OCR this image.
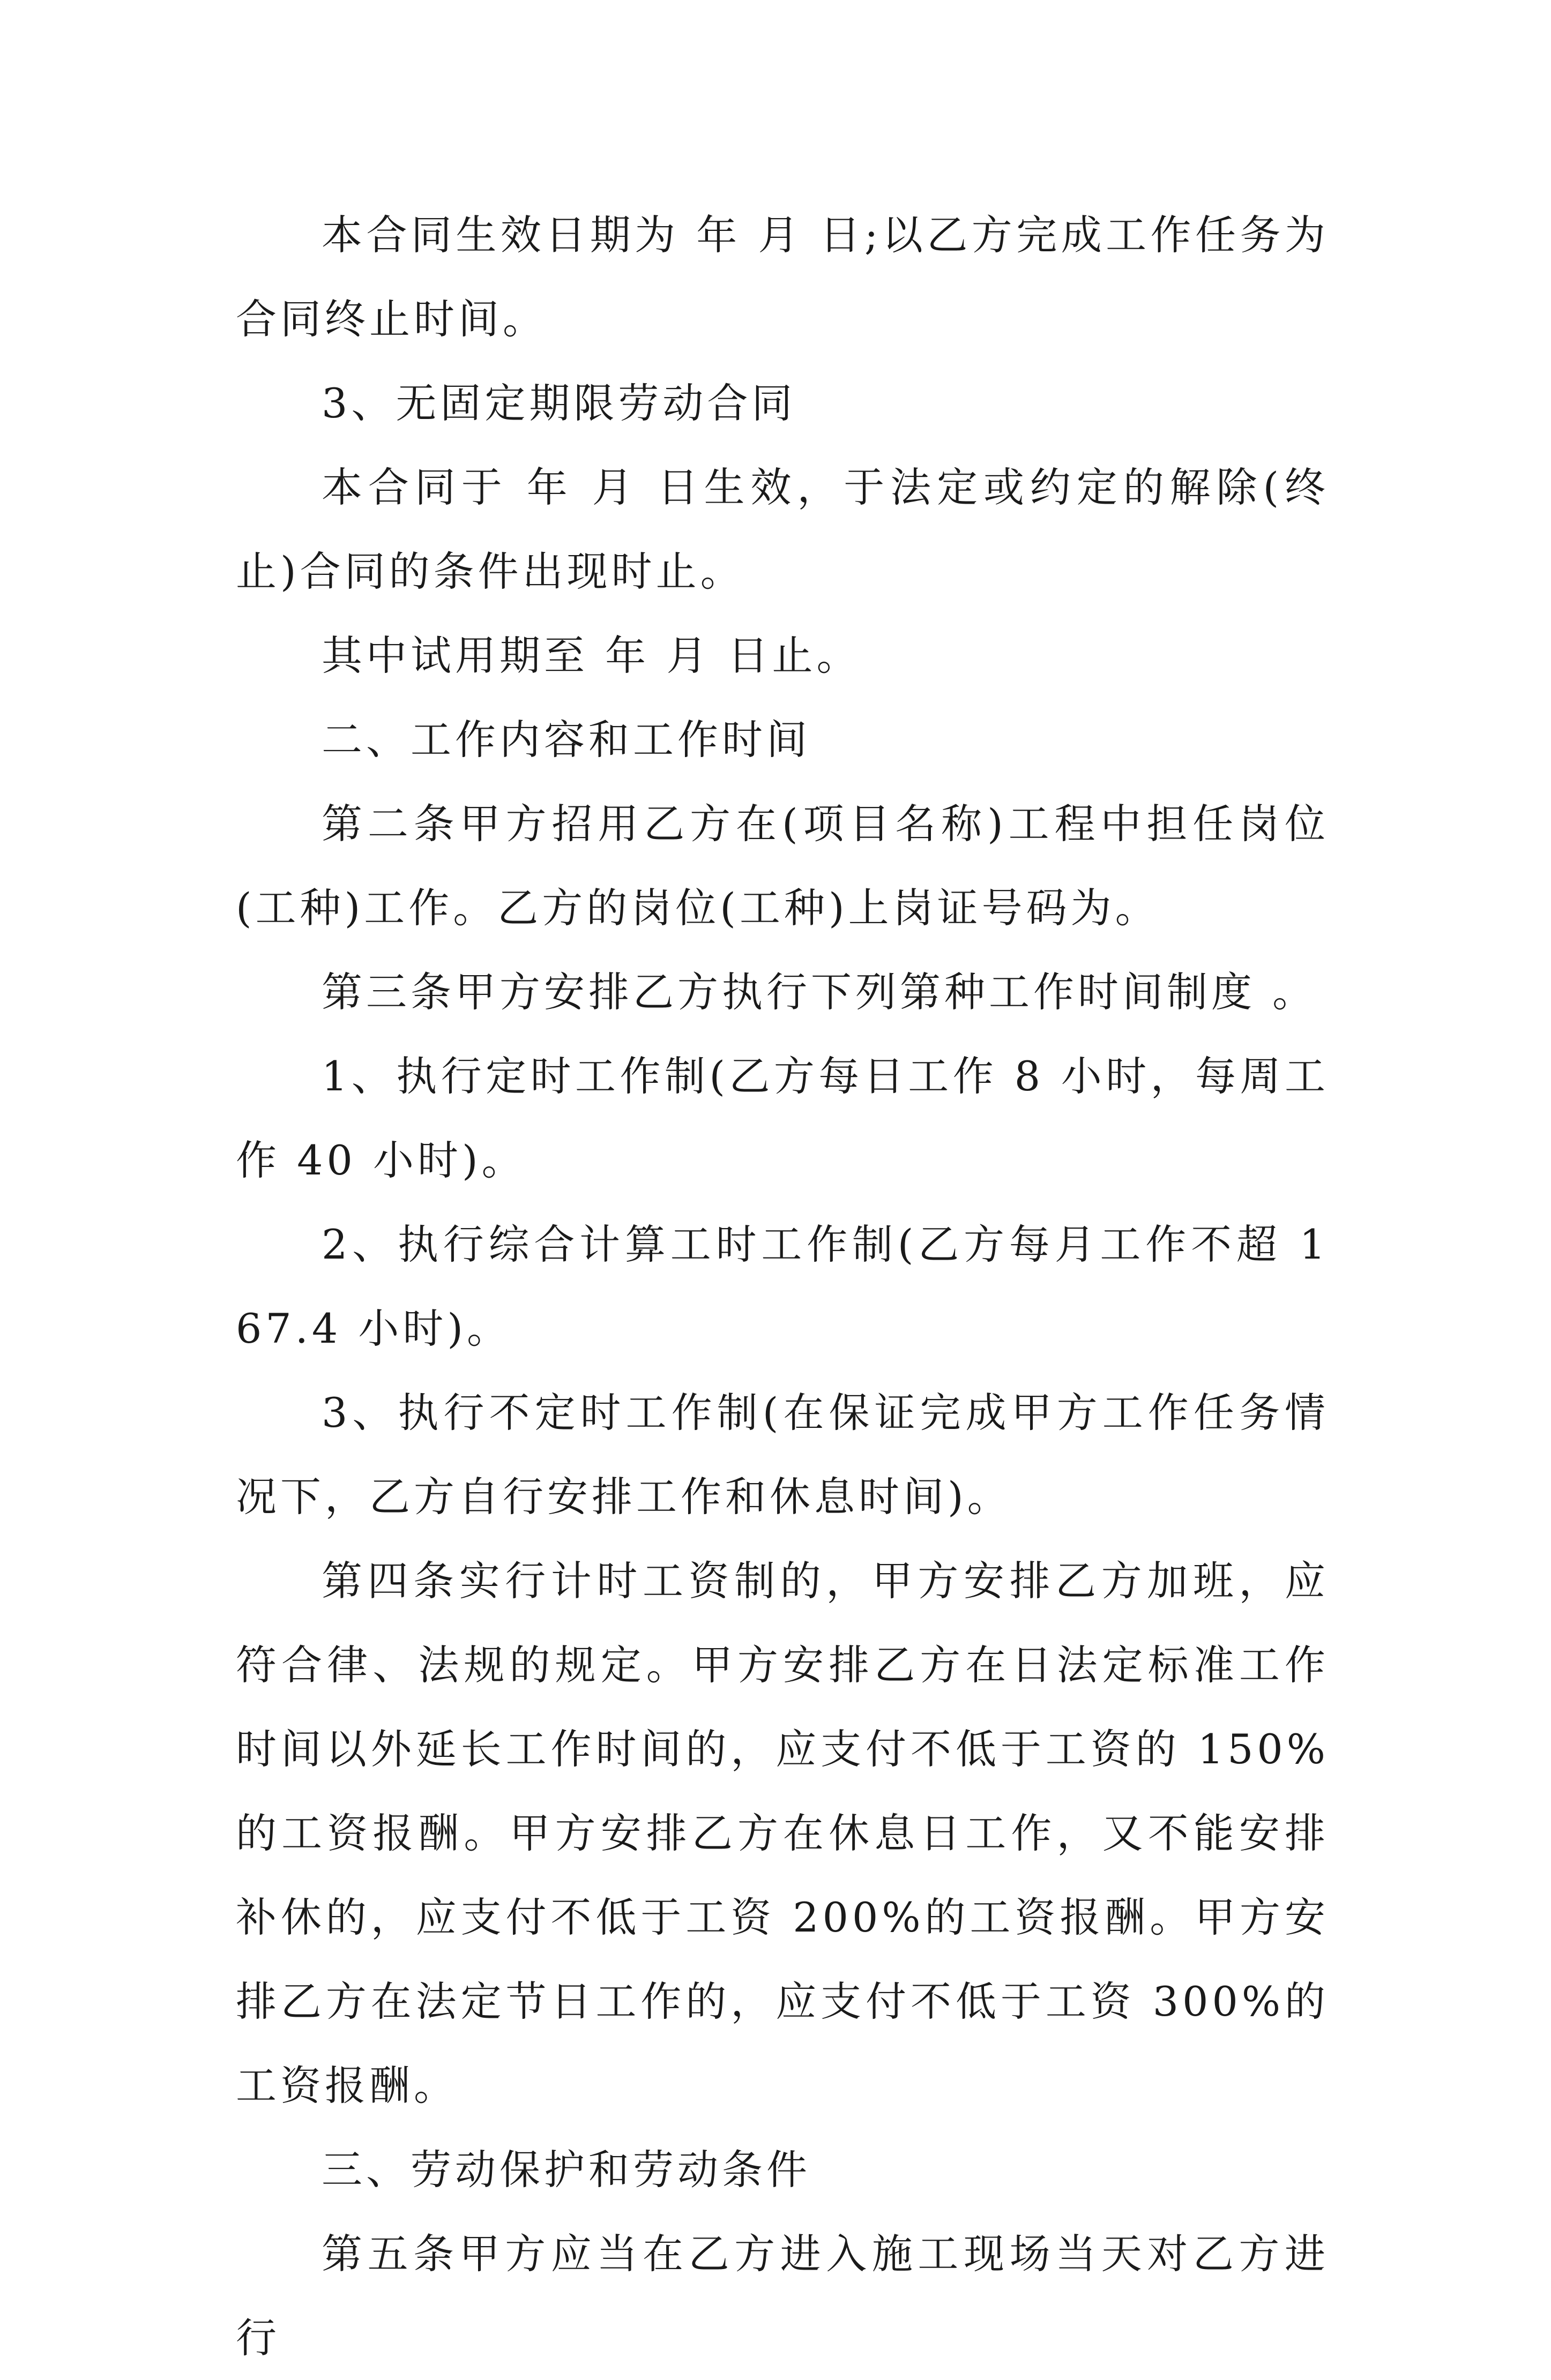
本合同生效日期为 年 月 日;以乙方完成工作任务为合同终止时间。

3、无固定期限劳动合同

本合同于 年 月 日生效，于法定或约定的解除(终止)合同的条件出现时止。

其中试用期至 年 月 日止。

二、工作内容和工作时间

第二条甲方招用乙方在(项目名称)工程中担任岗位(工种)工作。乙方的岗位(工种)上岗证号码为。

第三条甲方安排乙方执行下列第种工作时间制度 。

1、执行定时工作制(乙方每日工作 8 小时，每周工作 40 小时)。

2、执行综合计算工时工作制(乙方每月工作不超 167.4 小时)。

3、执行不定时工作制(在保证完成甲方工作任务情况下，乙方自行安排工作和休息时间)。

第四条实行计时工资制的，甲方安排乙方加班，应符合律、法规的规定。甲方安排乙方在日法定标准工作时间以外延长工作时间的，应支付不低于工资的 150%的工资报酬。甲方安排乙方在休息日工作，又不能安排补休的，应支付不低于工资 200%的工资报酬。甲方安排乙方在法定节日工作的，应支付不低于工资 300%的工资报酬。

三、劳动保护和劳动条件

第五条甲方应当在乙方进入施工现场当天对乙方进行
